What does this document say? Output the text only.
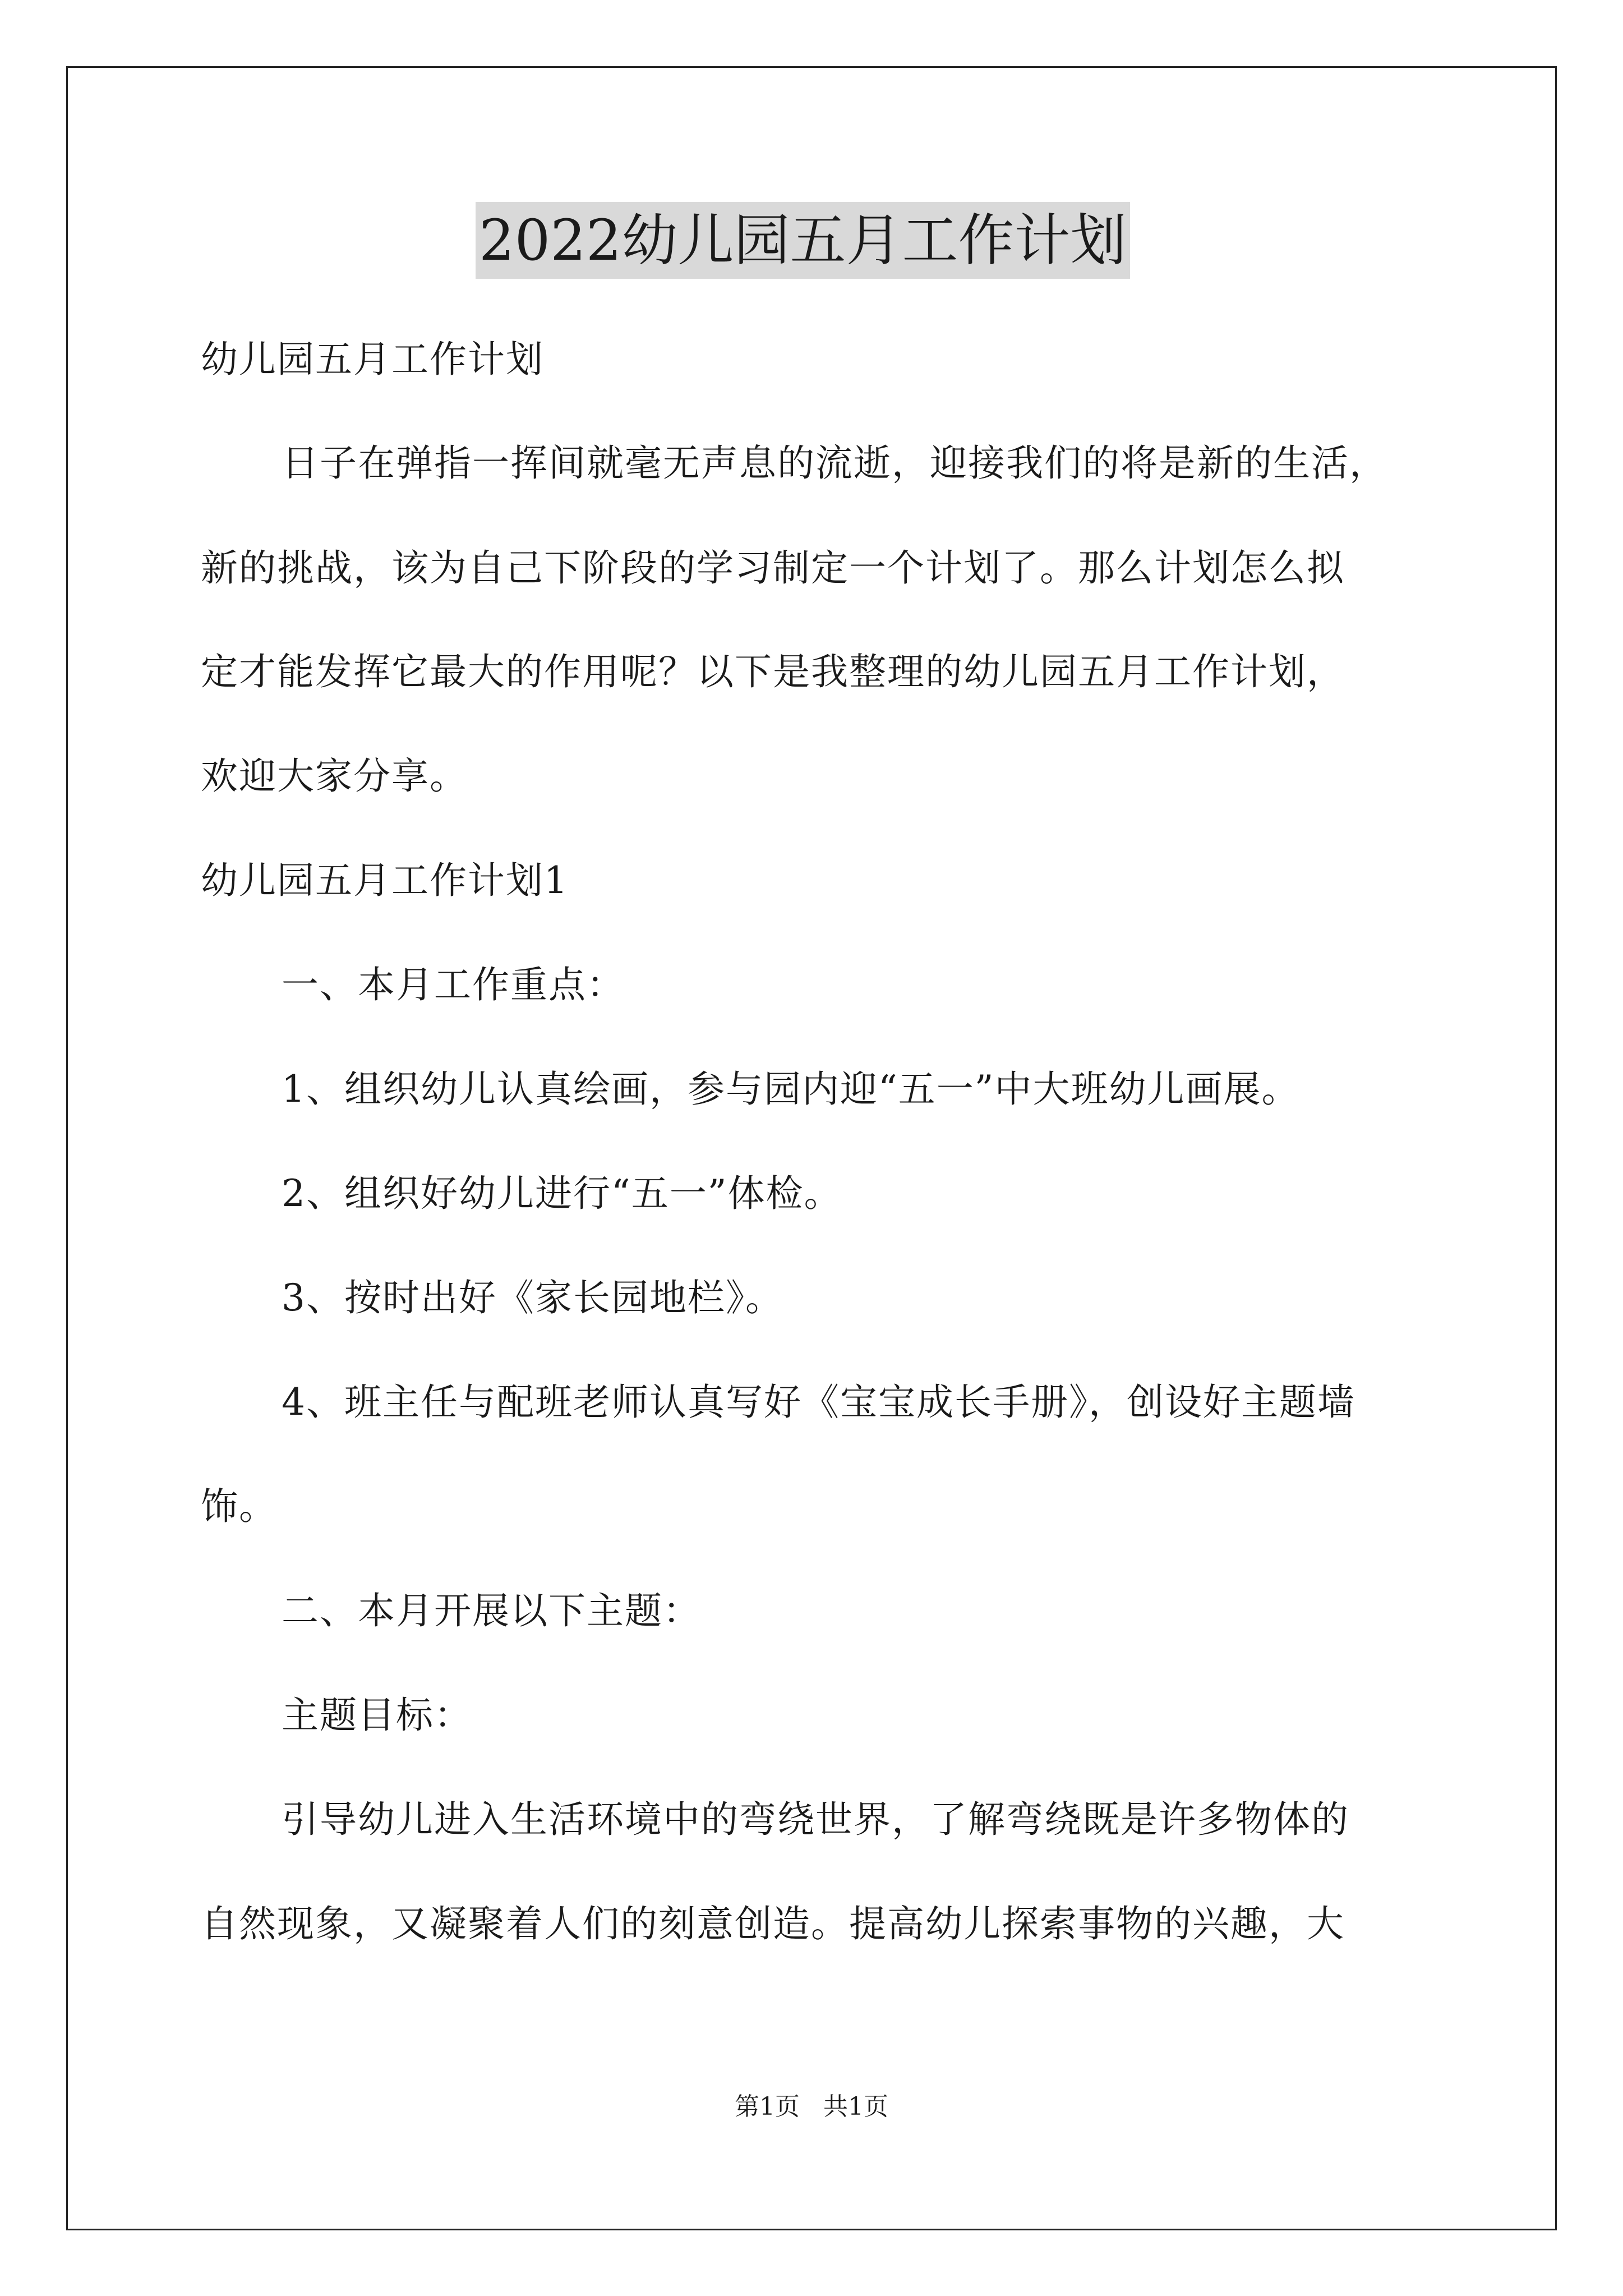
2022幼儿园五月工作计划
幼儿园五月工作计划
日子在弹指一挥间就毫无声息的流逝，迎接我们的将是新的生活，
新的挑战，该为自己下阶段的学习制定一个计划了。那么计划怎么拟
定才能发挥它最大的作用呢？以下是我整理的幼儿园五月工作计划，
欢迎大家分享。
幼儿园五月工作计划1
一、本月工作重点：
1、组织幼儿认真绘画，参与园内迎“五一”中大班幼儿画展。
2、组织好幼儿进行“五一”体检。
3、按时出好《家长园地栏》。
4、班主任与配班老师认真写好《宝宝成长手册》，创设好主题墙
饰。
二、本月开展以下主题：
主题目标：
引导幼儿进入生活环境中的弯绕世界，了解弯绕既是许多物体的
自然现象，又凝聚着人们的刻意创造。提高幼儿探索事物的兴趣，大
第1页   共1页
